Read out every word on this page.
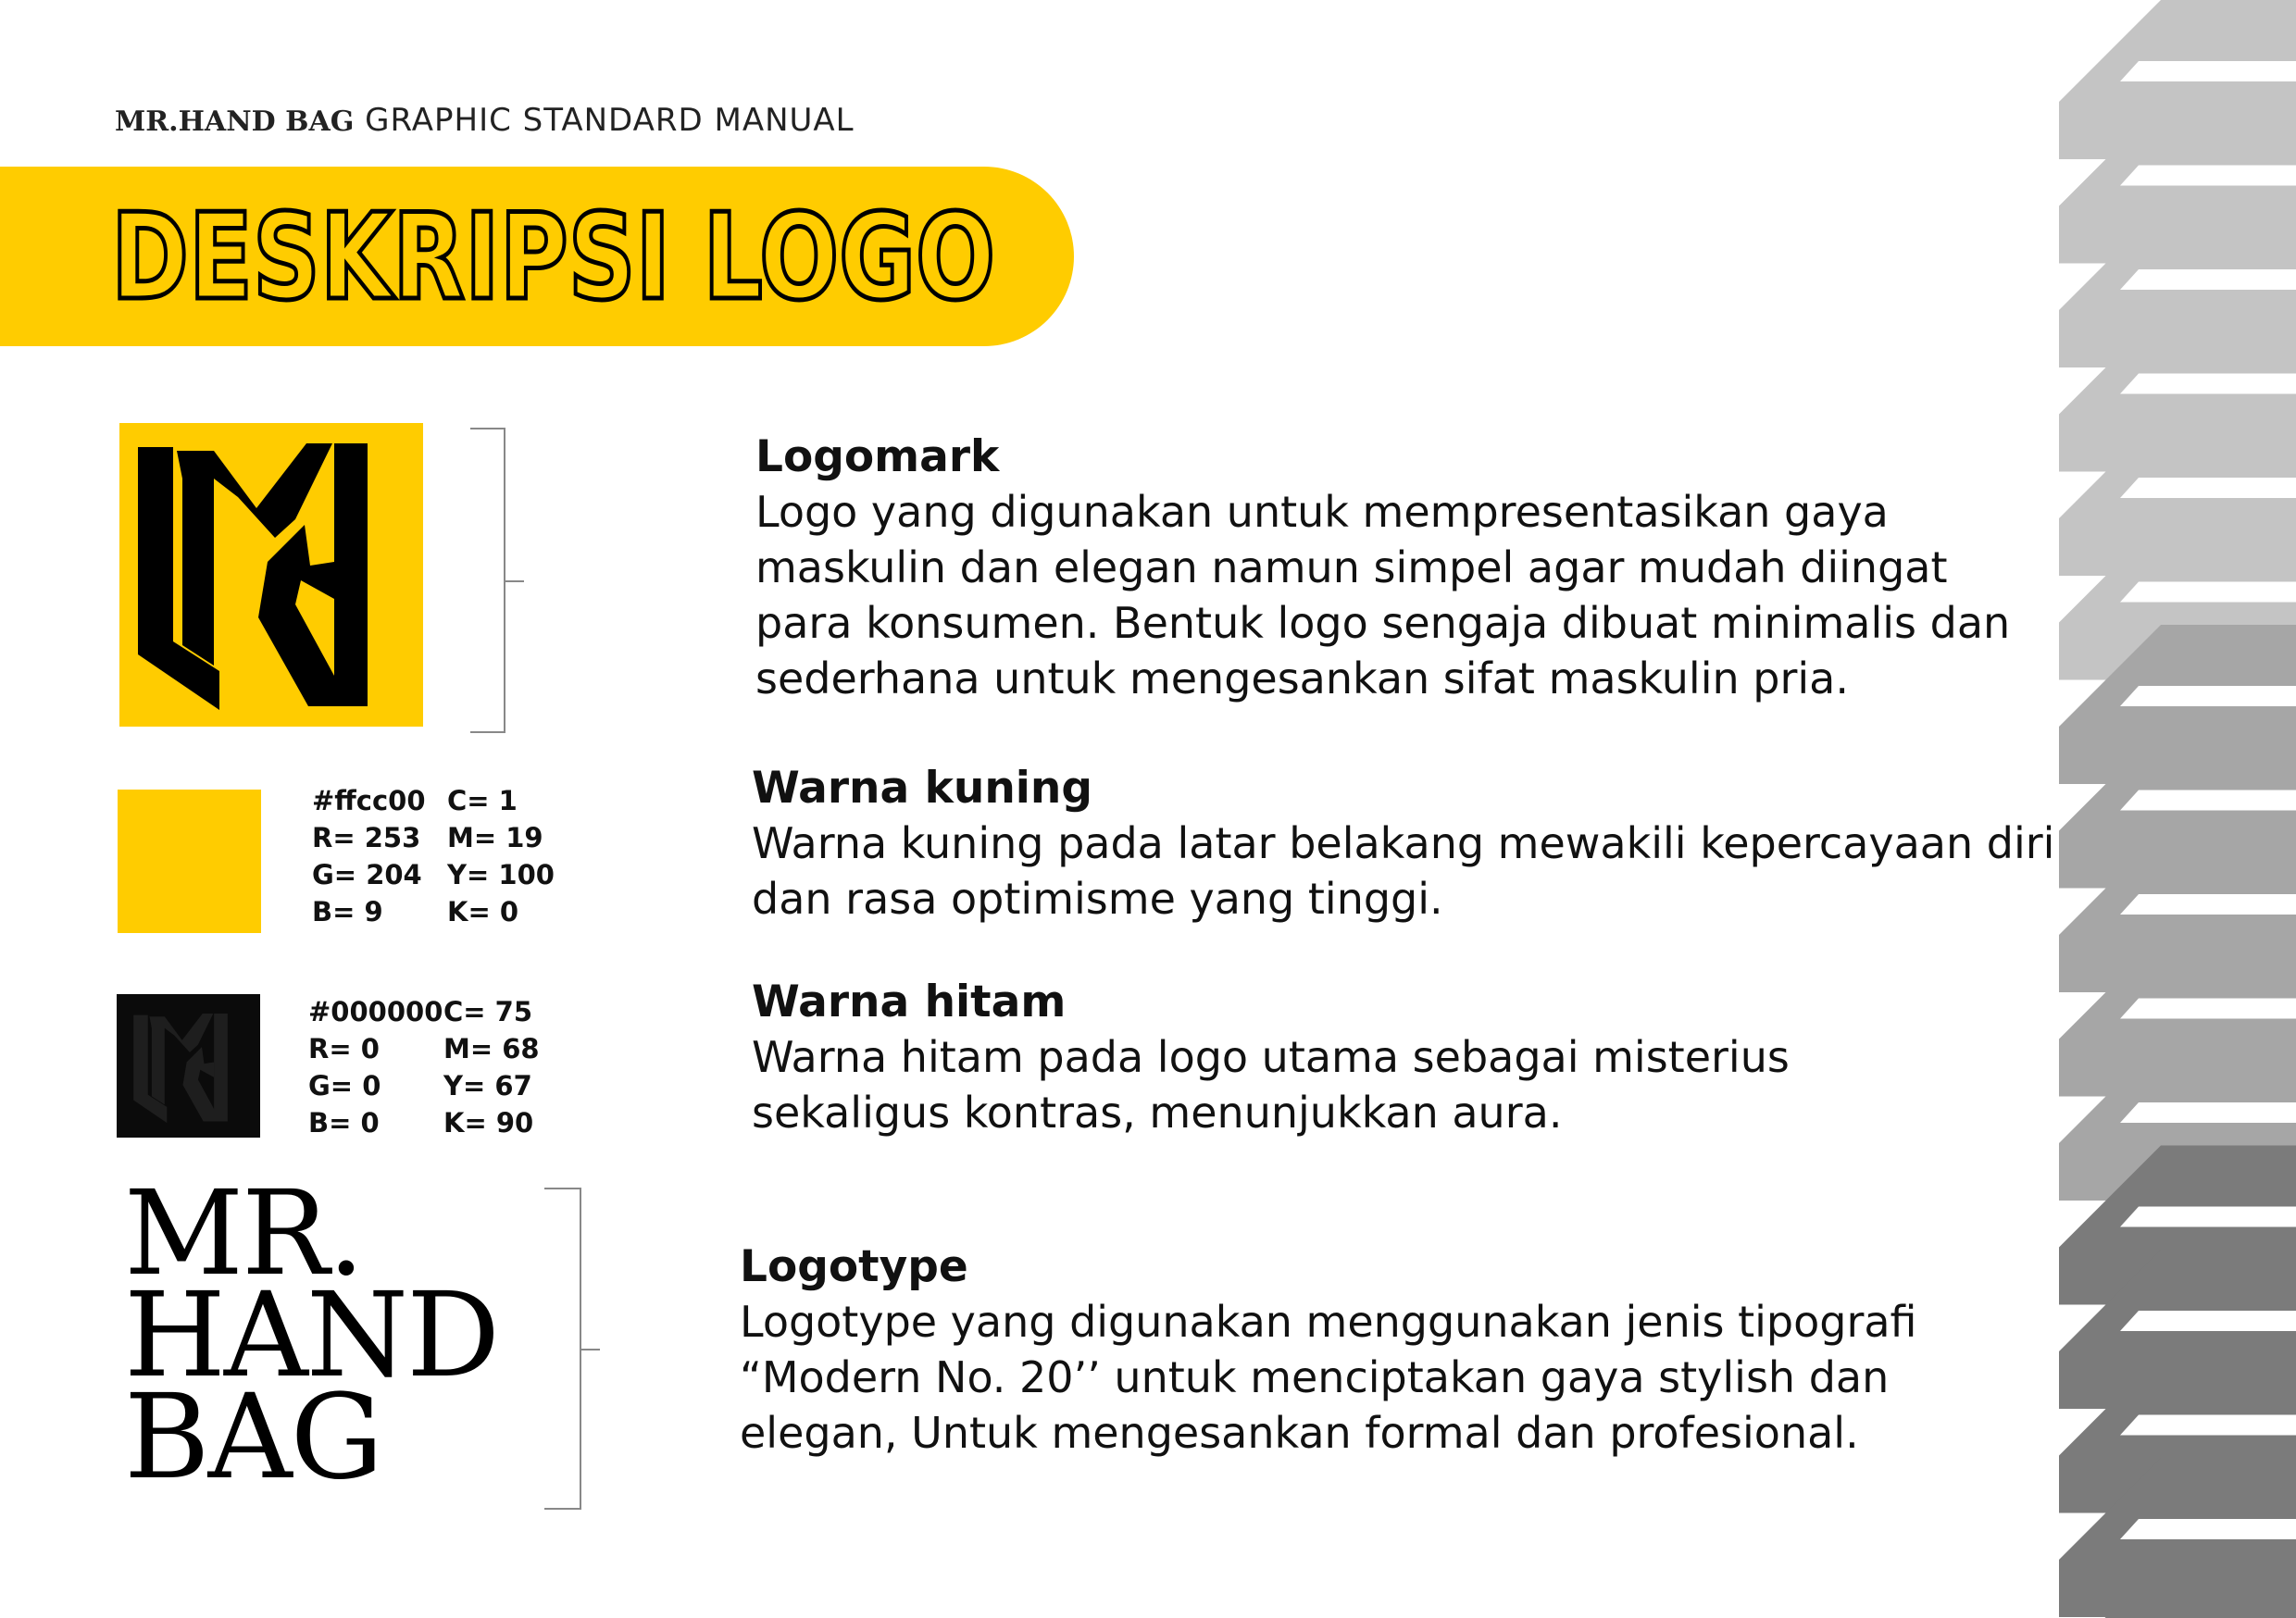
MR.HAND BAG GRAPHIC STANDARD MANUAL
DESKRIPSI LOGO
#ffcc00
R= 253
G= 204
B= 9
C= 1
M= 19
Y= 100
K= 0
#000000
R= 0
G= 0
B= 0
C= 75
M= 68
Y= 67
K= 90
MR.
HAND
BAG
Logomark

Logo yang digunakan untuk mempresentasikan gaya
maskulin dan elegan namun simpel agar mudah diingat
para konsumen. Bentuk logo sengaja dibuat minimalis dan
sederhana untuk mengesankan sifat maskulin pria.

Warna kuning

Warna kuning pada latar belakang mewakili kepercayaan diri
dan rasa optimisme yang tinggi.

Warna hitam

Warna hitam pada logo utama sebagai misterius
sekaligus kontras, menunjukkan aura.

Logotype

Logotype yang digunakan menggunakan jenis tipografi
“Modern No. 20’’ untuk menciptakan gaya stylish dan
elegan, Untuk mengesankan formal dan profesional.
